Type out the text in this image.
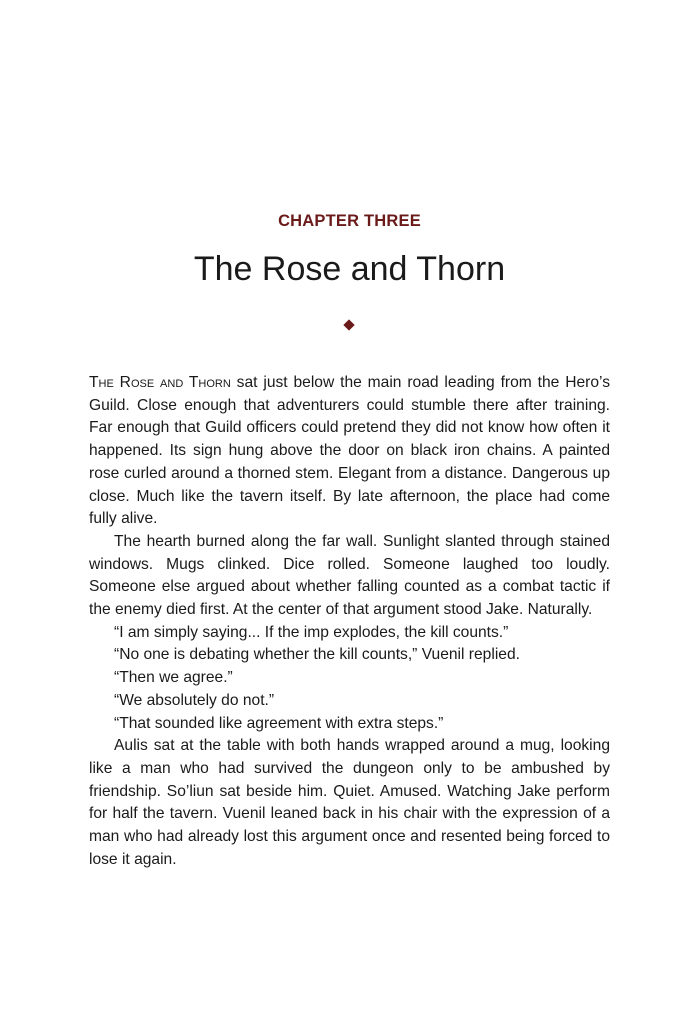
CHAPTER THREE
The Rose and Thorn

The Rose and Thorn sat just below the main road leading from the Hero’s Guild. Close enough that adventurers could stumble there after training. Far enough that Guild officers could pretend they did not know how often it happened. Its sign hung above the door on black iron chains. A painted rose curled around a thorned stem. Elegant from a distance. Dangerous up close. Much like the tavern itself. By late afternoon, the place had come fully alive.

The hearth burned along the far wall. Sunlight slanted through stained windows. Mugs clinked. Dice rolled. Someone laughed too loudly. Someone else argued about whether falling counted as a combat tactic if the enemy died first. At the center of that argument stood Jake. Naturally.

“I am simply saying... If the imp explodes, the kill counts.”

“No one is debating whether the kill counts,” Vuenil replied.

“Then we agree.”

“We absolutely do not.”

“That sounded like agreement with extra steps.”

Aulis sat at the table with both hands wrapped around a mug, looking like a man who had survived the dungeon only to be ambushed by friendship. So’liun sat beside him. Quiet. Amused. Watching Jake perform for half the tavern. Vuenil leaned back in his chair with the expression of a man who had already lost this argument once and resented being forced to lose it again.
